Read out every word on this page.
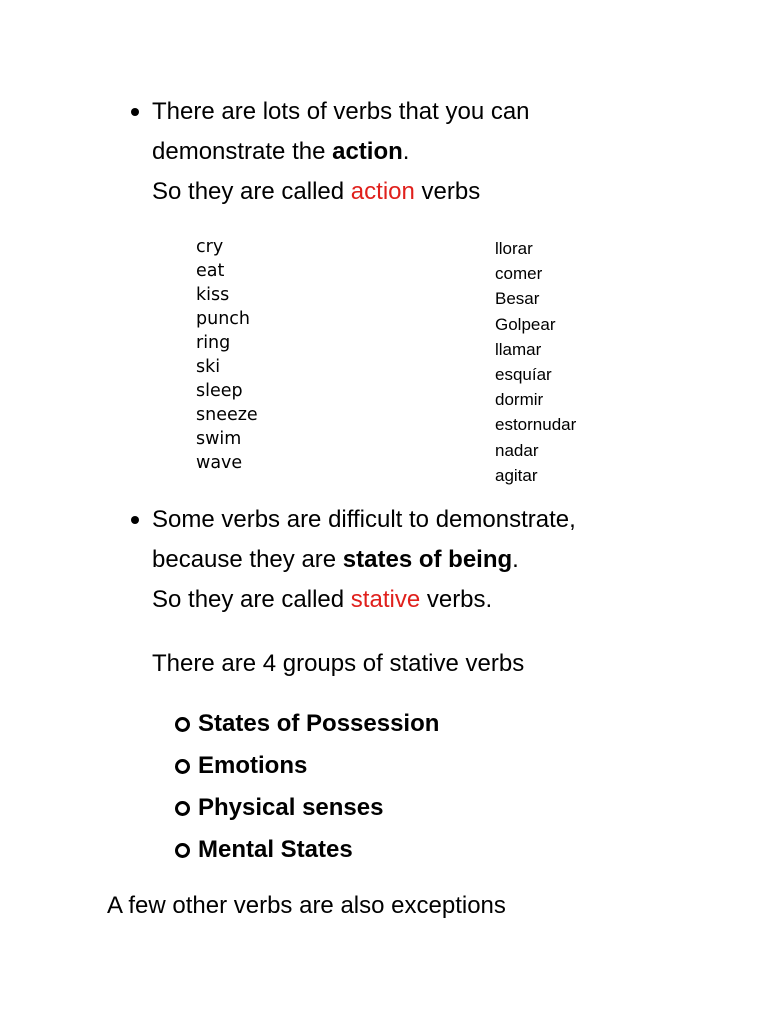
There are lots of verbs that you can
demonstrate the action.
So they are called action verbs

cry
eat
kiss
punch
ring
ski
sleep
sneeze
swim
wave
llorar
comer
Besar
Golpear
llamar
esquíar
dormir
estornudar
nadar
agitar

Some verbs are difficult to demonstrate,
because they are states of being.
So they are called stative verbs.

There are 4 groups of stative verbs

States of Possession
Emotions
Physical senses
Mental States

A few other verbs are also exceptions
